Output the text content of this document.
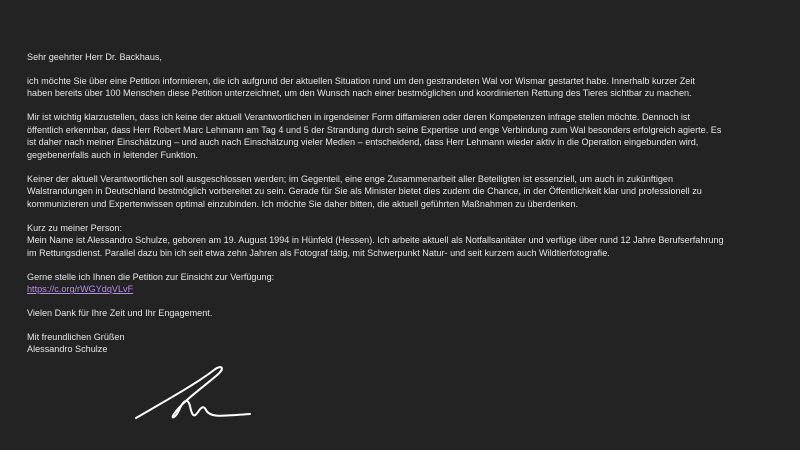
Sehr geehrter Herr Dr. Backhaus,

ich möchte Sie über eine Petition informieren, die ich aufgrund der aktuellen Situation rund um den gestrandeten Wal vor Wismar gestartet habe. Innerhalb kurzer Zeit
haben bereits über 100 Menschen diese Petition unterzeichnet, um den Wunsch nach einer bestmöglichen und koordinierten Rettung des Tieres sichtbar zu machen.

Mir ist wichtig klarzustellen, dass ich keine der aktuell Verantwortlichen in irgendeiner Form diffamieren oder deren Kompetenzen infrage stellen möchte. Dennoch ist
öffentlich erkennbar, dass Herr Robert Marc Lehmann am Tag 4 und 5 der Strandung durch seine Expertise und enge Verbindung zum Wal besonders erfolgreich agierte. Es
ist daher nach meiner Einschätzung – und auch nach Einschätzung vieler Medien – entscheidend, dass Herr Lehmann wieder aktiv in die Operation eingebunden wird,
gegebenenfalls auch in leitender Funktion.

Keiner der aktuell Verantwortlichen soll ausgeschlossen werden; im Gegenteil, eine enge Zusammenarbeit aller Beteiligten ist essenziell, um auch in zukünftigen
Walstrandungen in Deutschland bestmöglich vorbereitet zu sein. Gerade für Sie als Minister bietet dies zudem die Chance, in der Öffentlichkeit klar und professionell zu
kommunizieren und Expertenwissen optimal einzubinden. Ich möchte Sie daher bitten, die aktuell geführten Maßnahmen zu überdenken.

Kurz zu meiner Person:
Mein Name ist Alessandro Schulze, geboren am 19. August 1994 in Hünfeld (Hessen). Ich arbeite aktuell als Notfallsanitäter und verfüge über rund 12 Jahre Berufserfahrung
im Rettungsdienst. Parallel dazu bin ich seit etwa zehn Jahren als Fotograf tätig, mit Schwerpunkt Natur- und seit kurzem auch Wildtierfotografie.

Gerne stelle ich Ihnen die Petition zur Einsicht zur Verfügung:
https://c.org/rWGYdqVLvF

Vielen Dank für Ihre Zeit und Ihr Engagement.

Mit freundlichen Grüßen
Alessandro Schulze
